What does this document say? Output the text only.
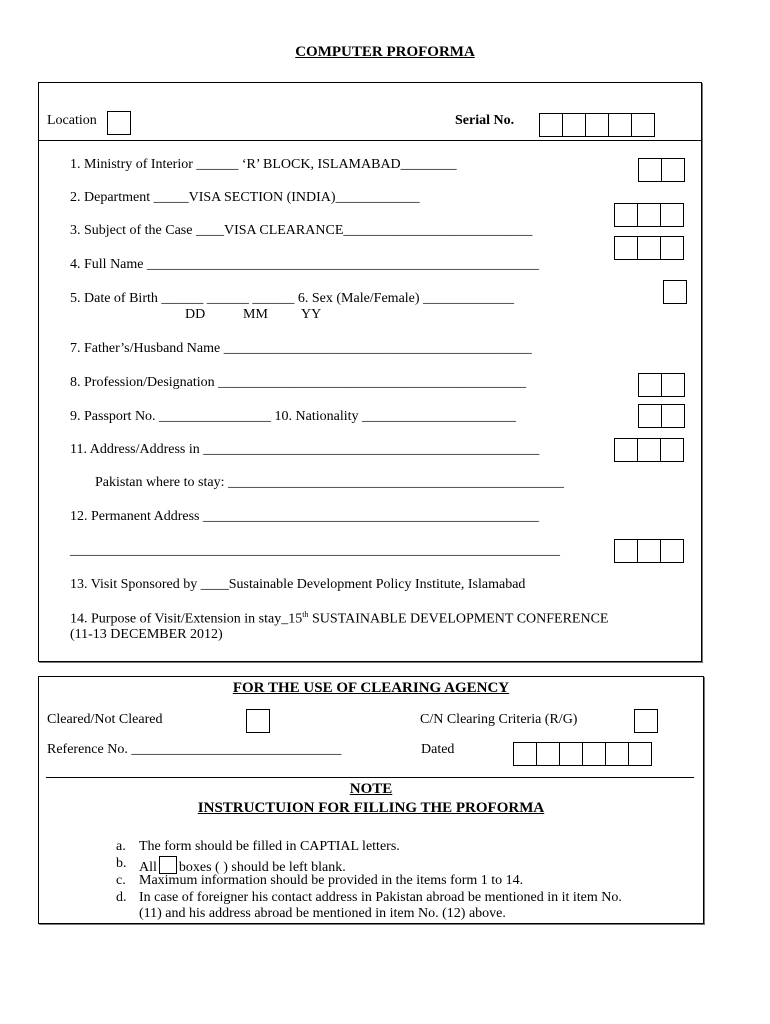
COMPUTER PROFORMA
Location	Serial No.
1. Ministry of Interior ______ ‘R’ BLOCK, ISLAMABAD________
2. Department _____VISA SECTION (INDIA)____________
3. Subject of the Case ____VISA CLEARANCE___________________________
4. Full Name ________________________________________________________
5. Date of Birth ______ ______ ______ 6. Sex (Male/Female) _____________
DD	MM YY
7. Father’s/Husband Name ____________________________________________
8. Profession/Designation ____________________________________________
9. Passport No. ________________ 10. Nationality ______________________
11. Address/Address in ________________________________________________
Pakistan where to stay: ________________________________________________
12. Permanent Address ________________________________________________
______________________________________________________________________
13. Visit Sponsored by ____Sustainable Development Policy Institute, Islamabad
14. Purpose of Visit/Extension in stay_15th SUSTAINABLE DEVELOPMENT CONFERENCE
(11-13 DECEMBER 2012)
FOR THE USE OF CLEARING AGENCY
Cleared/Not Cleared	C/N Clearing Criteria (R/G)
Reference No. ______________________________	Dated
NOTE
INSTRUCTUION FOR FILLING THE PROFORMA
a. The form should be filled in CAPTIAL letters.
b. All boxes ( ) should be left blank.
c. Maximum information should be provided in the items form 1 to 14.
d. In case of foreigner his contact address in Pakistan abroad be mentioned in it item No.
(11) and his address abroad be mentioned in item No. (12) above.
